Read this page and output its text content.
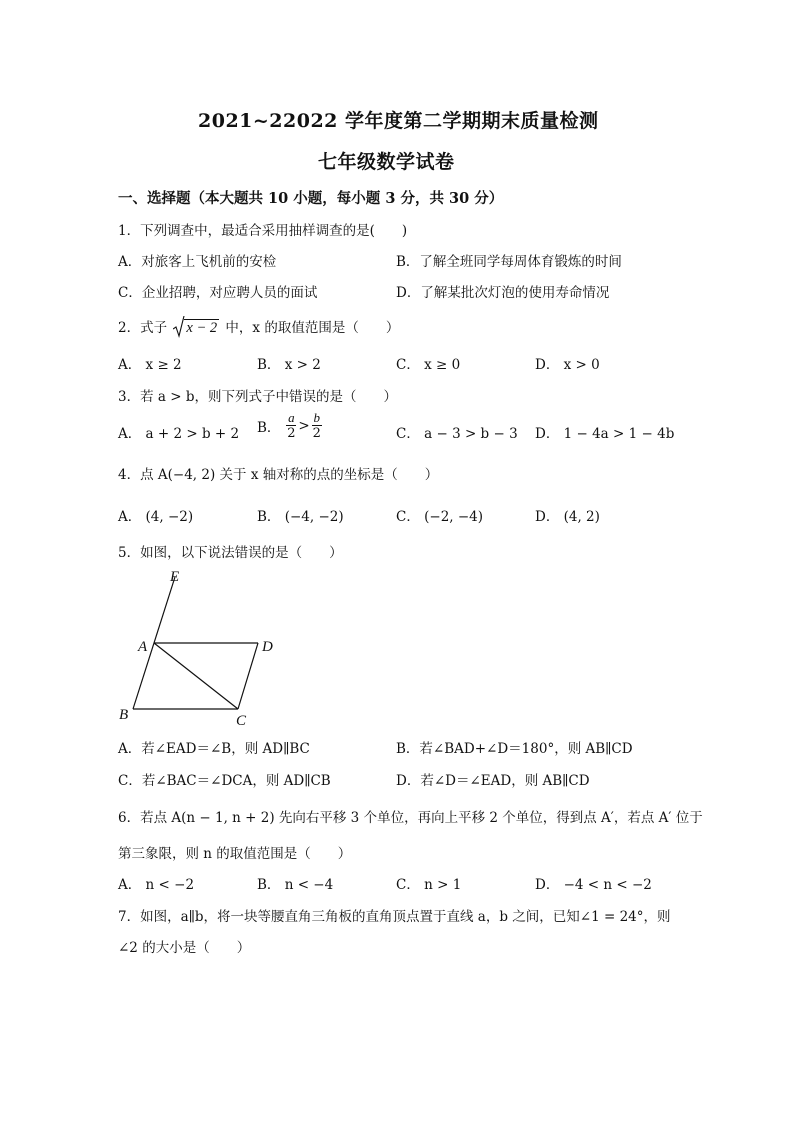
2021~22022 学年度第二学期期末质量检测
七年级数学试卷
一、选择题（本大题共 10 小题，每小题 3 分，共 30 分）
1．下列调查中，最适合采用抽样调查的是(　　)
A．对旅客上飞机前的安检	B．了解全班同学每周体育锻炼的时间
C．企业招聘，对应聘人员的面试	D．了解某批次灯泡的使用寿命情况
2．式子 x − 2 中，x 的取值范围是（　　）
A． x ≥ 2	B． x > 2	C． x ≥ 0	D． x > 0
3．若 a > b，则下列式子中错误的是（　　）
A． a + 2 > b + 2 B．
a
2 > b
2	C． a − 3 > b − 3 D． 1 − 4a > 1 − 4b
4．点 A(−4, 2) 关于 x 轴对称的点的坐标是（　　）
A． (4, −2)	B． (−4, −2)	C． (−2, −4)	D． (4, 2)
5．如图，以下说法错误的是（　　）
E
A	D
B	C
A．若∠EAD＝∠B，则 AD∥BC	B．若∠BAD+∠D＝180°，则 AB∥CD
C．若∠BAC＝∠DCA，则 AD∥CB	D．若∠D＝∠EAD，则 AB∥CD
6．若点 A(n − 1, n + 2) 先向右平移 3 个单位，再向上平移 2 个单位，得到点 A′，若点 A′ 位于
第三象限，则 n 的取值范围是（　　）
A． n < −2	B． n < −4	C． n > 1	D． −4 < n < −2
7．如图，a∥b，将一块等腰直角三角板的直角顶点置于直线 a，b 之间，已知∠1 = 24°，则
∠2 的大小是（　　）
